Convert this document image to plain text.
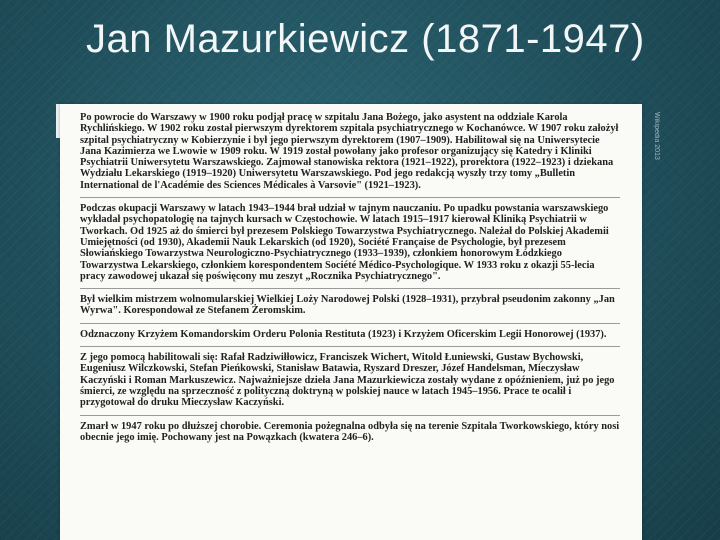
Jan Mazurkiewicz (1871-1947)

Po powrocie do Warszawy w 1900 roku podjął pracę w szpitalu Jana Bożego, jako asystent na oddziale Karola Rychlińskiego. W 1902 roku został pierwszym dyrektorem szpitala psychiatrycznego w Kochanówce. W 1907 roku założył szpital psychiatryczny w Kobierzynie i był jego pierwszym dyrektorem (1907–1909). Habilitował się na Uniwersytecie Jana Kazimierza we Lwowie w 1909 roku. W 1919 został powołany jako profesor organizujący się Katedry i Kliniki Psychiatrii Uniwersytetu Warszawskiego. Zajmował stanowiska rektora (1921–1922), prorektora (1922–1923) i dziekana Wydziału Lekarskiego (1919–1920) Uniwersytetu Warszawskiego. Pod jego redakcją wyszły trzy tomy „Bulletin International de l'Académie des Sciences Médicales à Varsovie" (1921–1923).

Podczas okupacji Warszawy w latach 1943–1944 brał udział w tajnym nauczaniu. Po upadku powstania warszawskiego wykładał psychopatologię na tajnych kursach w Częstochowie. W latach 1915–1917 kierował Kliniką Psychiatrii w Tworkach. Od 1925 aż do śmierci był prezesem Polskiego Towarzystwa Psychiatrycznego. Należał do Polskiej Akademii Umiejętności (od 1930), Akademii Nauk Lekarskich (od 1920), Société Française de Psychologie, był prezesem Słowiańskiego Towarzystwa Neurologiczno-Psychiatrycznego (1933–1939), członkiem honorowym Łódzkiego Towarzystwa Lekarskiego, członkiem korespondentem Société Médico-Psychologique. W 1933 roku z okazji 55-lecia pracy zawodowej ukazał się poświęcony mu zeszyt „Rocznika Psychiatrycznego".

Był wielkim mistrzem wolnomularskiej Wielkiej Loży Narodowej Polski (1928–1931), przybrał pseudonim zakonny „Jan Wyrwa". Korespondował ze Stefanem Żeromskim.

Odznaczony Krzyżem Komandorskim Orderu Polonia Restituta (1923) i Krzyżem Oficerskim Legii Honorowej (1937).

Z jego pomocą habilitowali się: Rafał Radziwiłłowicz, Franciszek Wichert, Witold Łuniewski, Gustaw Bychowski, Eugeniusz Wilczkowski, Stefan Pieńkowski, Stanisław Batawia, Ryszard Dreszer, Józef Handelsman, Mieczysław Kaczyński i Roman Markuszewicz. Najważniejsze dzieła Jana Mazurkiewicza zostały wydane z opóźnieniem, już po jego śmierci, ze względu na sprzeczność z polityczną doktryną w polskiej nauce w latach 1945–1956. Prace te ocalił i przygotował do druku Mieczysław Kaczyński.

Zmarł w 1947 roku po dłuższej chorobie. Ceremonia pożegnalna odbyła się na terenie Szpitala Tworkowskiego, który nosi obecnie jego imię. Pochowany jest na Powązkach (kwatera 246–6).

Wikipedia 2013
